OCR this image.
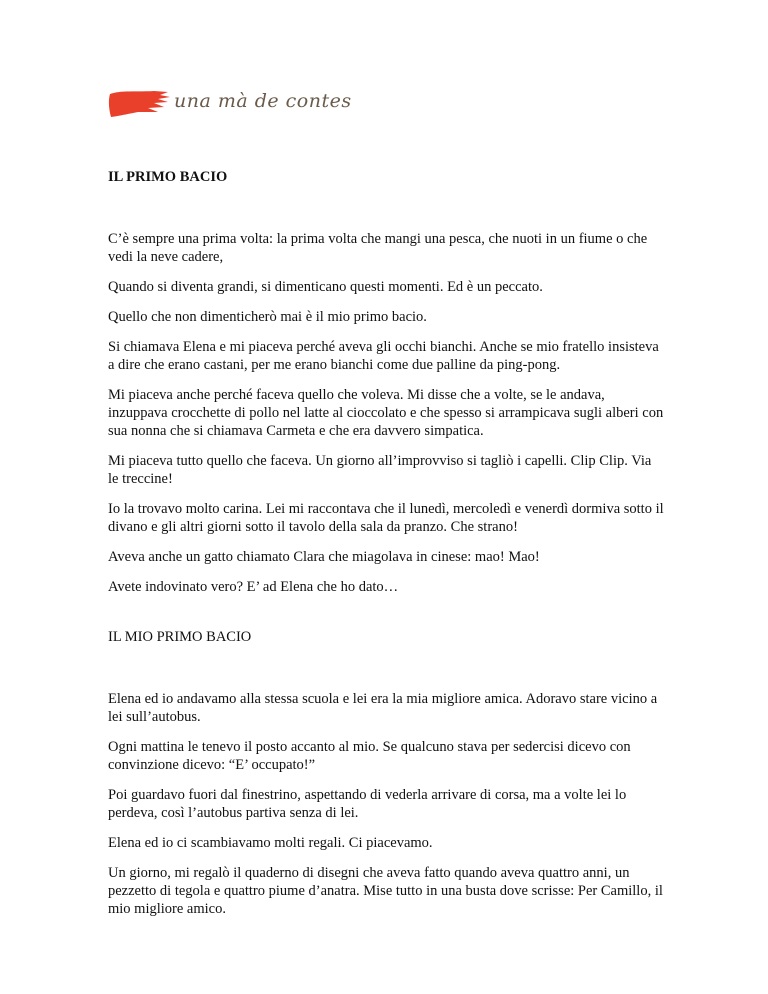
una mà de contes
IL PRIMO BACIO

C’è sempre una prima volta: la prima volta che mangi una pesca, che nuoti in un fiume o che vedi la neve cadere,

Quando si diventa grandi, si dimenticano questi momenti. Ed è un peccato.

Quello che non dimenticherò mai è il mio primo bacio.

Si chiamava Elena e mi piaceva perché aveva gli occhi bianchi. Anche se mio fratello insisteva a dire che erano castani, per me erano bianchi come due palline da ping-pong.

Mi piaceva anche perché faceva quello che voleva. Mi disse che a volte, se le andava, inzuppava crocchette di pollo nel latte al cioccolato e che spesso si arrampicava sugli alberi con sua nonna che si chiamava Carmeta e che era davvero simpatica.

Mi piaceva tutto quello che faceva. Un giorno all’improvviso si tagliò i capelli. Clip Clip. Via le treccine!

Io la trovavo molto carina. Lei mi raccontava che il lunedì, mercoledì e venerdì dormiva sotto il divano e gli altri giorni sotto il tavolo della sala da pranzo. Che strano!

Aveva anche un gatto chiamato Clara che miagolava in cinese: mao! Mao!

Avete indovinato vero? E’ ad Elena che ho dato…

IL MIO PRIMO BACIO

Elena ed io andavamo alla stessa scuola e lei era la mia migliore amica. Adoravo stare vicino a lei sull’autobus.

Ogni mattina le tenevo il posto accanto al mio. Se qualcuno stava per sedercisi dicevo con convinzione dicevo: “E’ occupato!”

Poi guardavo fuori dal finestrino, aspettando di vederla arrivare di corsa, ma a volte lei lo perdeva, così l’autobus partiva senza di lei.

Elena ed io ci scambiavamo molti regali. Ci piacevamo.

Un giorno, mi regalò il quaderno di disegni che aveva fatto quando aveva quattro anni, un pezzetto di tegola e quattro piume d’anatra. Mise tutto in una busta dove scrisse: Per Camillo, il mio migliore amico.
